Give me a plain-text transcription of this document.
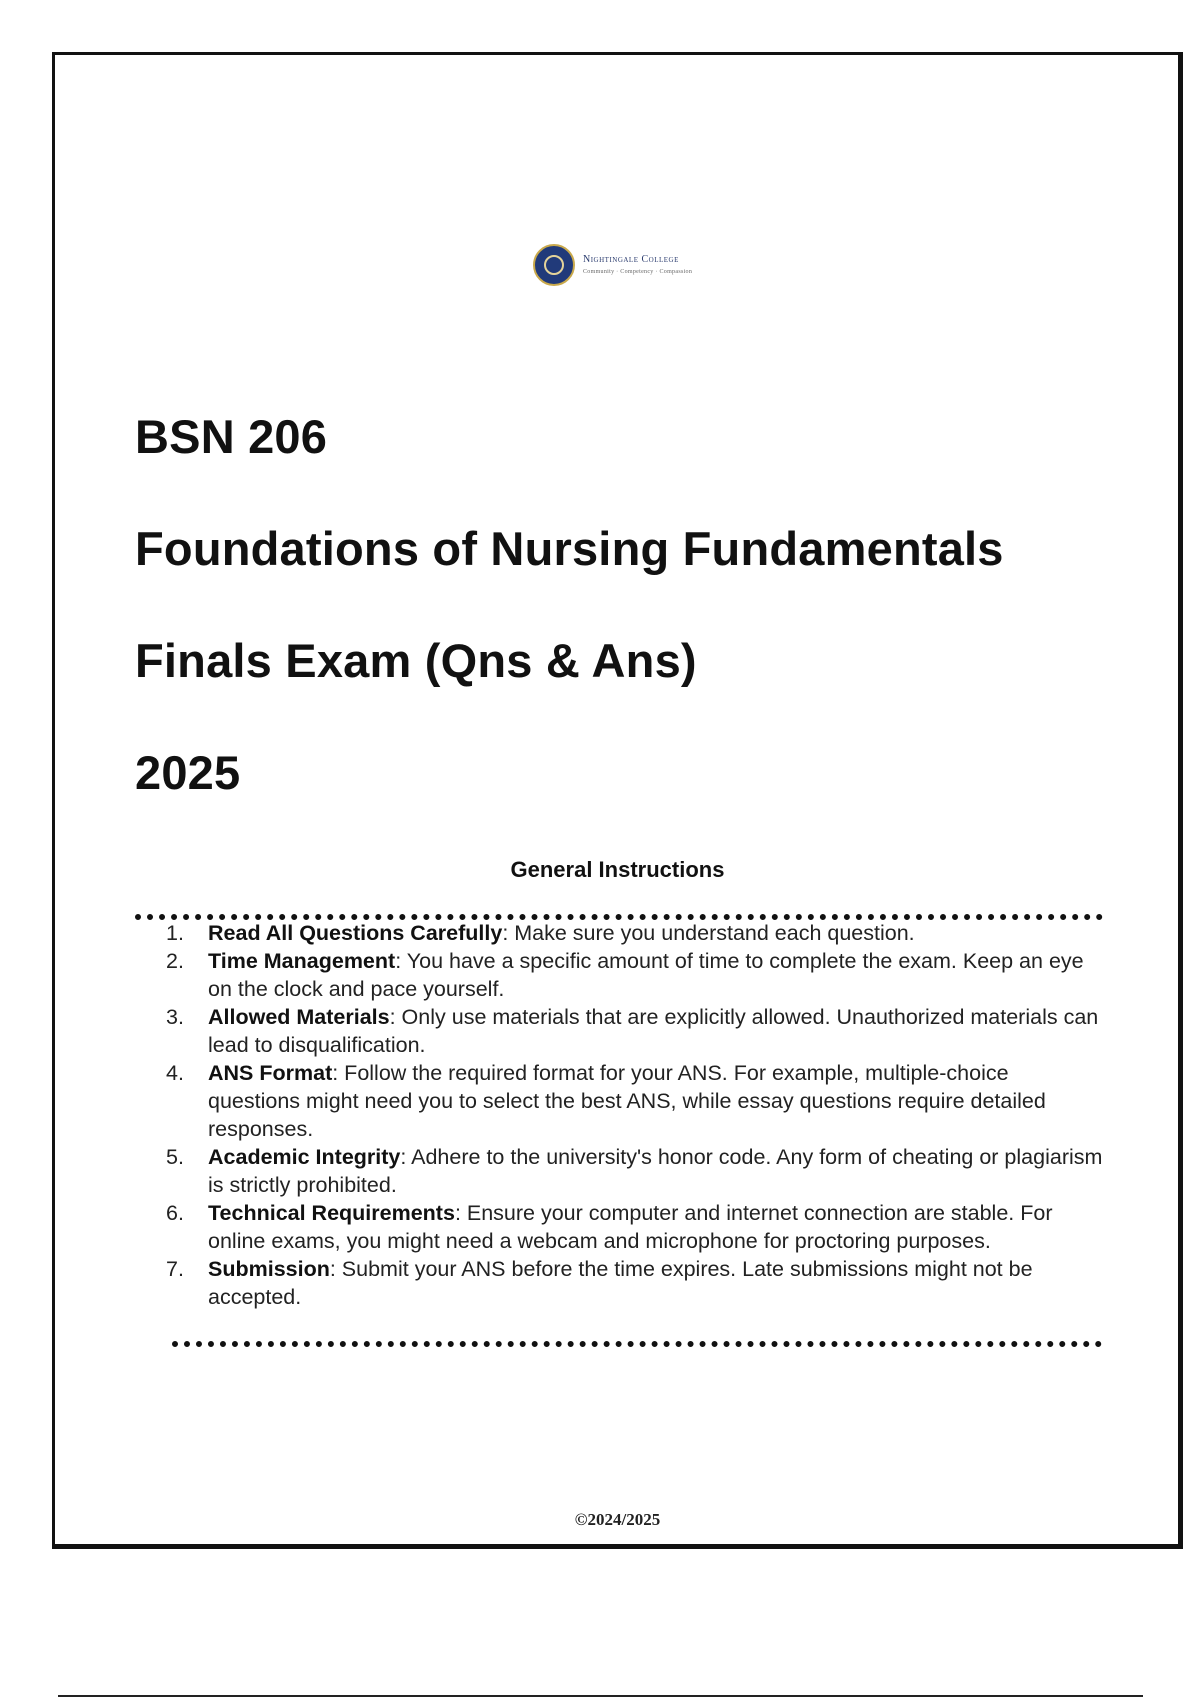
Nightingale College
Community · Competency · Compassion
BSN 206
Foundations of Nursing Fundamentals
Finals Exam (Qns & Ans)
2025
General Instructions
1.	Read All Questions Carefully: Make sure you understand each question.
2.	Time Management: You have a specific amount of time to complete the exam. Keep an eye on the clock and pace yourself.
3.	Allowed Materials: Only use materials that are explicitly allowed. Unauthorized materials can lead to disqualification.
4.	ANS Format: Follow the required format for your ANS. For example, multiple-choice questions might need you to select the best ANS, while essay questions require detailed responses.
5.	Academic Integrity: Adhere to the university's honor code. Any form of cheating or plagiarism is strictly prohibited.
6.	Technical Requirements: Ensure your computer and internet connection are stable. For online exams, you might need a webcam and microphone for proctoring purposes.
7.	Submission: Submit your ANS before the time expires. Late submissions might not be accepted.
©2024/2025
